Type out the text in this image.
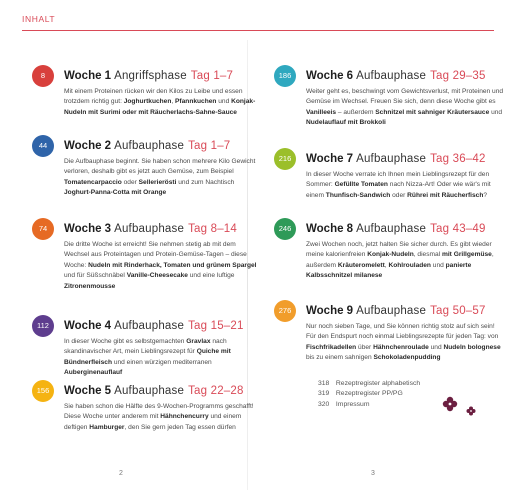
INHALT
8	Woche 1 Angriffsphase Tag 1–7
Mit einem Proteinen rücken wir den Kilos zu Leibe und essen trotzdem richtig gut: Joghurtkuchen, Pfannkuchen und Konjak-Nudeln mit Surimi oder mit Räucherlachs-Sahne-Sauce
44	Woche 2 Aufbauphase Tag 1–7
Die Aufbauphase beginnt. Sie haben schon mehrere Kilo Gewicht verloren, deshalb gibt es jetzt auch Gemüse, zum Beispiel Tomatencarpaccio oder Sellerierösti und zum Nachtisch Joghurt-Panna-Cotta mit Orange
74	Woche 3 Aufbauphase Tag 8–14
Die dritte Woche ist erreicht! Sie nehmen stetig ab mit dem Wechsel aus Proteintagen und Protein-Gemüse-Tagen – diese Woche: Nudeln mit Rinderhack, Tomaten und grünem Spargel und für Süßschnäbel Vanille-Cheesecake und eine luftige Zitronenmousse
112	Woche 4 Aufbauphase Tag 15–21
In dieser Woche gibt es selbstgemachten Gravlax nach skandinavischer Art, mein Lieblingsrezept für Quiche mit Bündnerfleisch und einen würzigen mediterranen Auberginenauflauf
156	Woche 5 Aufbauphase Tag 22–28
Sie haben schon die Hälfte des 9-Wochen-Programms geschafft! Diese Woche unter anderem mit Hähnchencurry und einem deftigen Hamburger, den Sie gern jeden Tag essen dürfen
186	Woche 6 Aufbauphase Tag 29–35
Weiter geht es, beschwingt vom Gewichtsverlust, mit Proteinen und Gemüse im Wechsel. Freuen Sie sich, denn diese Woche gibt es Vanilleeis – außerdem Schnitzel mit sahniger Kräutersauce und Nudelauflauf mit Brokkoli
216	Woche 7 Aufbauphase Tag 36–42
In dieser Woche verrate ich Ihnen mein Lieblingsrezept für den Sommer: Gefüllte Tomaten nach Nizza-Art! Oder wie wär's mit einem Thunfisch-Sandwich oder Rührei mit Räucherfisch?
246	Woche 8 Aufbauphase Tag 43–49
Zwei Wochen noch, jetzt halten Sie sicher durch. Es gibt wieder meine kalorienfreien Konjak-Nudeln, diesmal mit Grillgemüse, außerdem Kräuteromelett, Kohlrouladen und panierte Kalbsschnitzel milanese
276	Woche 9 Aufbauphase Tag 50–57
Nur noch sieben Tage, und Sie können richtig stolz auf sich sein! Für den Endspurt noch einmal Lieblingsrezepte für jeden Tag: von Fischfrikadellen über Hähnchenroulade und Nudeln bolognese bis zu einem sahnigen Schokoladenpudding
318 Rezeptregister alphabetisch
319 Rezeptregister PP/PG
320 Impressum
2	3
